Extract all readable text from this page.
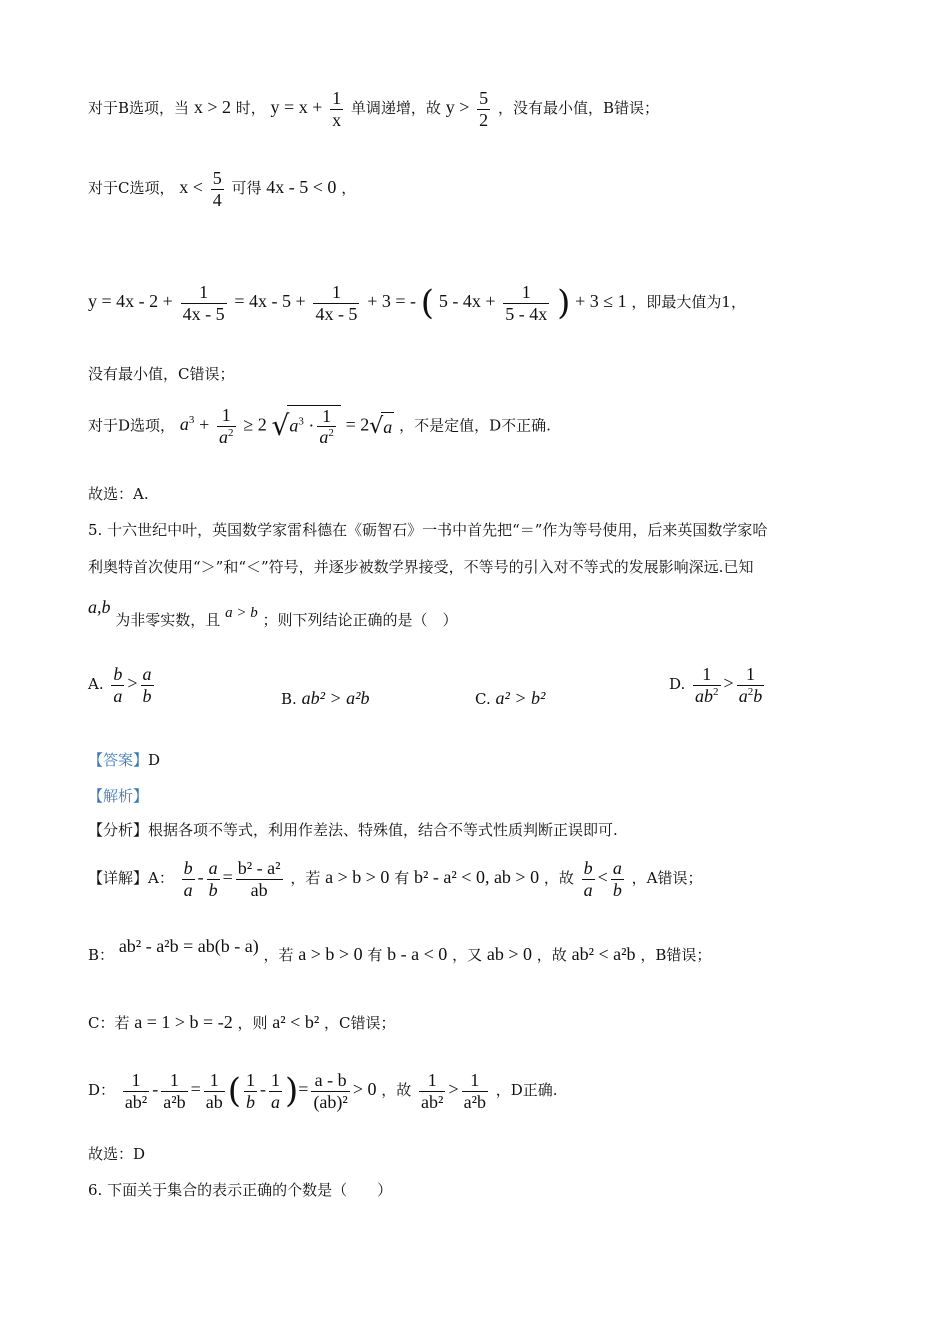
对于B选项，当 x > 2 时， $y = x + \frac{1}{x}$ 单调递增，故 $y > \frac{5}{2}$ ，没有最小值，B错误；
对于C选项， $x < \frac{5}{4}$ 可得 4x - 5 < 0 ，
$y = 4x - 2 + \frac{1}{4x - 5} = 4x - 5 + \frac{1}{4x - 5} + 3$ = - ( $5 - 4x + \frac{1}{5 - 4x}$ ) + 3 ≤ 1 ，即最大值为1，
没有最小值，C错误；
对于D选项， $a^3 + \frac{1}{a^2} \ge 2$ $√a^3 \cdot \frac{1}{a^2} = 2√a$ ，不是定值，D不正确.
故选：A.
5. 十六世纪中叶，英国数学家雷科德在《砺智石》一书中首先把“＝”作为等号使用，后来英国数学家哈
利奥特首次使用“＞”和“＜”符号，并逐步被数学界接受，不等号的引入对不等式的发展影响深远.已知
a,b 为非零实数，且 a > b ；则下列结论正确的是（　）
A. $\frac{b}{a} > \frac{a}{b}$	B. ab² > a²b	C. a² > b²
D. $\frac{1}{ab^2} > \frac{1}{a^2b}$
【答案】D
【解析】
【分析】根据各项不等式，利用作差法、特殊值，结合不等式性质判断正误即可.
【详解】A： $\frac{b}{a} - \frac{a}{b} = \frac{\text{b² - a²}}{ab}$ ，若 a > b > 0 有 b² - a² < 0, ab > 0 ，故 $\frac{b}{a} < \frac{a}{b}$ ，A错误；
B： ab² - a²b = ab(b - a) ，若 a > b > 0 有 b - a < 0 ，又 ab > 0 ，故 ab² < a²b ，B错误；
C：若 a = 1 > b = -2 ，则 a² < b² ，C错误；
D： $\frac{1}{\text{ab²}} - \frac{1}{\text{a²b}} = \frac{1}{ab}$ ( $\frac{1}{b} - \frac{1}{a}$ )= $\frac{a - b}{\text{(ab)²}} > 0$ ，故 $\frac{1}{\text{ab²}} > \frac{1}{\text{a²b}}$ ，D正确.
故选：D
6. 下面关于集合的表示正确的个数是（　　）
